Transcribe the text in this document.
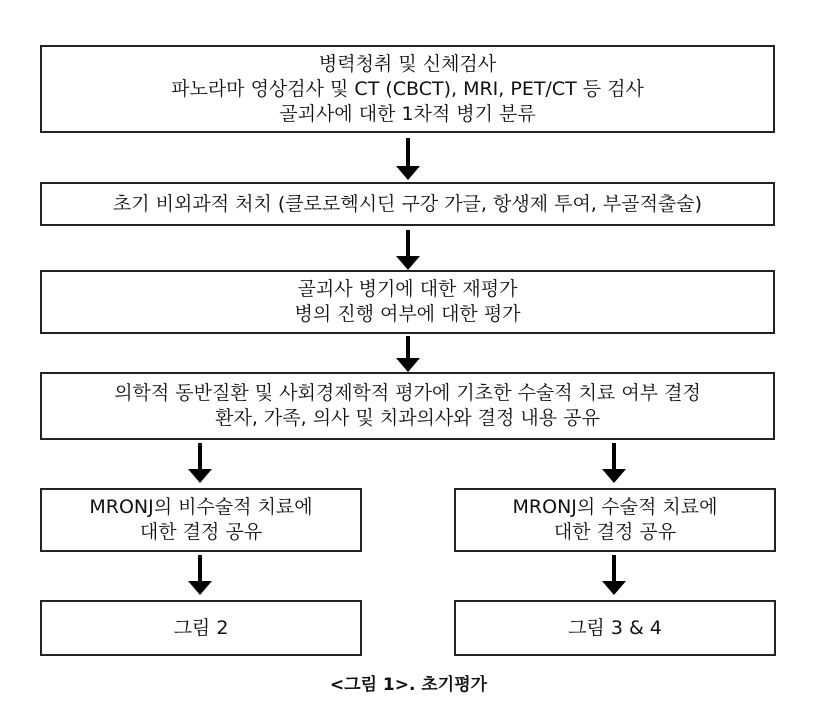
병력청취 및 신체검사
파노라마 영상검사 및 CT (CBCT), MRI, PET/CT 등 검사
골괴사에 대한 1차적 병기 분류
초기 비외과적 처치 (클로로헥시딘 구강 가글, 항생제 투여, 부골적출술)
골괴사 병기에 대한 재평가
병의 진행 여부에 대한 평가
의학적 동반질환 및 사회경제학적 평가에 기초한 수술적 치료 여부 결정
환자, 가족, 의사 및 치과의사와 결정 내용 공유
MRONJ의 비수술적 치료에
대한 결정 공유
MRONJ의 수술적 치료에
대한 결정 공유
그림 2	그림 3 & 4
<그림 1>. 초기평가
